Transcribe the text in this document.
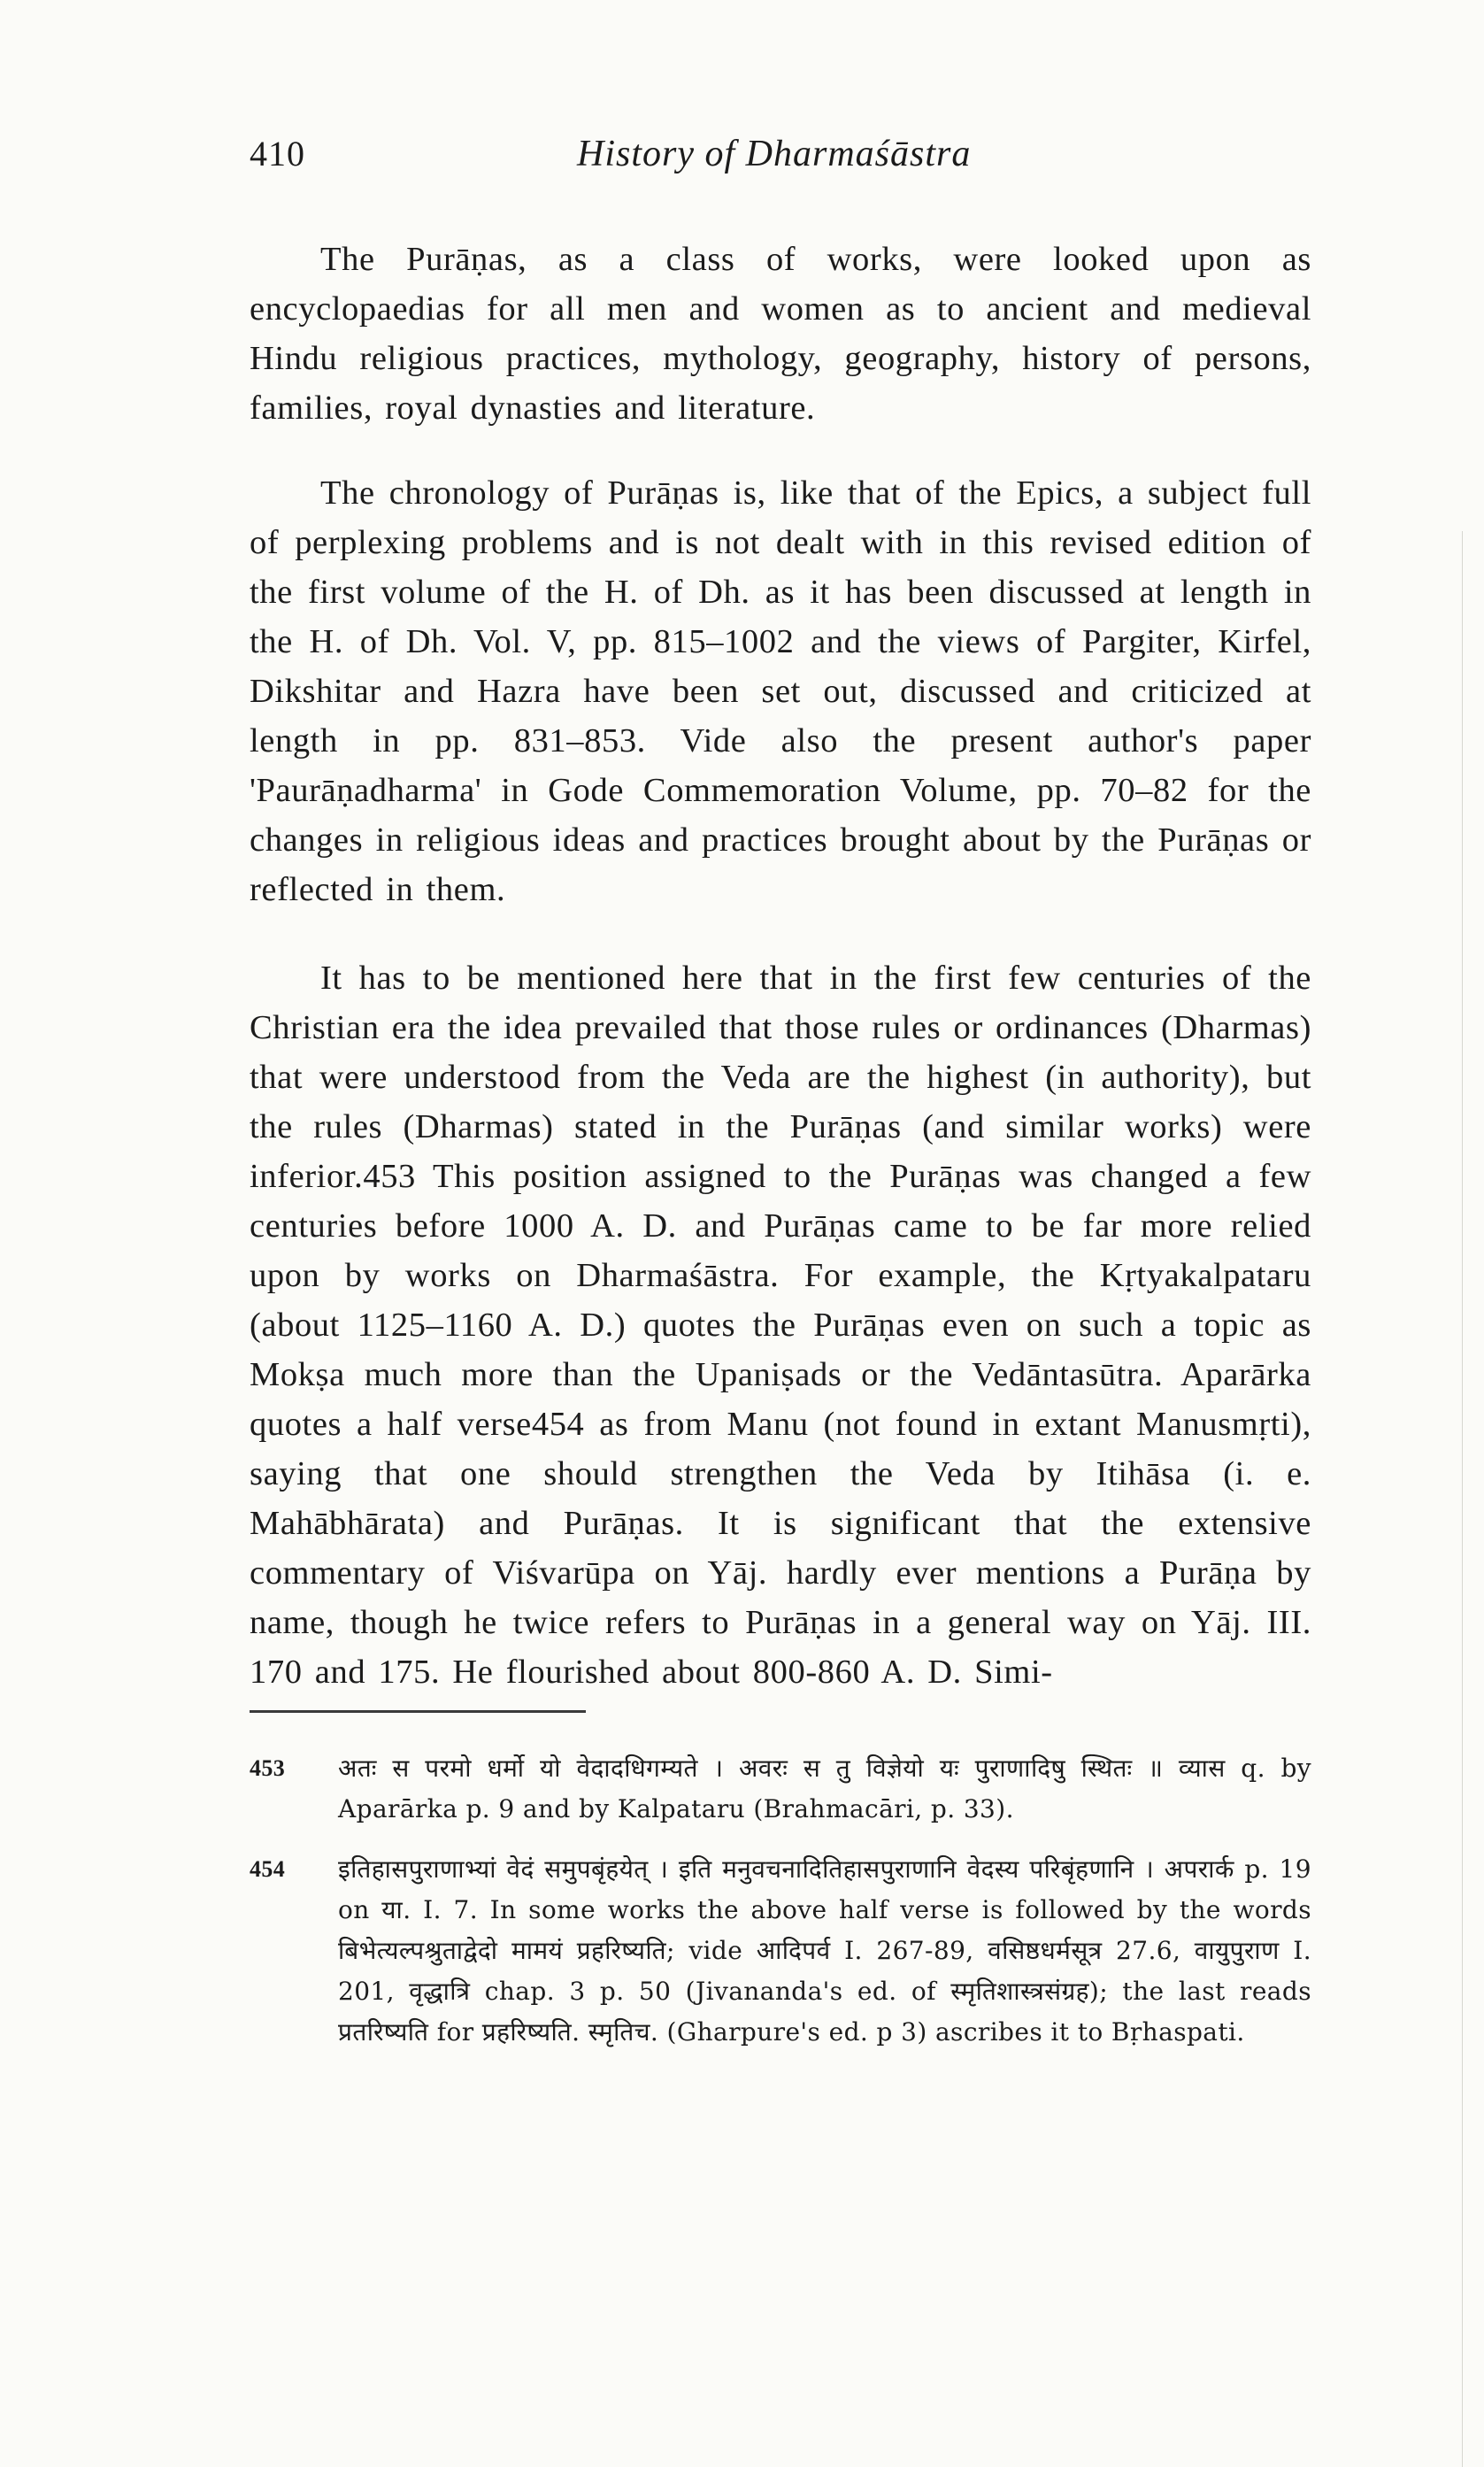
410	History of Dharmaśāstra

The Purāṇas, as a class of works, were looked upon as encyclopaedias for all men and women as to ancient and medieval Hindu religious practices, mythology, geography, history of persons, families, royal dynasties and literature.

The chronology of Purāṇas is, like that of the Epics, a subject full of perplexing problems and is not dealt with in this revised edition of the first volume of the H. of Dh. as it has been discussed at length in the H. of Dh. Vol. V, pp. 815–1002 and the views of Pargiter, Kirfel, Dikshitar and Hazra have been set out, discussed and criticized at length in pp. 831–853. Vide also the present author's paper 'Paurāṇadharma' in Gode Commemoration Volume, pp. 70–82 for the changes in religious ideas and practices brought about by the Purāṇas or reflected in them.

It has to be mentioned here that in the first few centuries of the Christian era the idea prevailed that those rules or ordinances (Dharmas) that were understood from the Veda are the highest (in authority), but the rules (Dharmas) stated in the Purāṇas (and similar works) were inferior.453 This position assigned to the Purāṇas was changed a few centuries before 1000 A. D. and Purāṇas came to be far more relied upon by works on Dharmaśāstra. For example, the Kṛtyakalpataru (about 1125–1160 A. D.) quotes the Purāṇas even on such a topic as Mokṣa much more than the Upaniṣads or the Vedāntasūtra. Aparārka quotes a half verse454 as from Manu (not found in extant Manusmṛti), saying that one should strengthen the Veda by Itihāsa (i. e. Mahābhārata) and Purāṇas. It is significant that the extensive commentary of Viśvarūpa on Yāj. hardly ever mentions a Purāṇa by name, though he twice refers to Purāṇas in a general way on Yāj. III. 170 and 175. He flourished about 800-860 A. D. Simi-

453 अतः स परमो धर्मो यो वेदादधिगम्यते । अवरः स तु विज्ञेयो यः पुराणादिषु स्थितः ॥ व्यास q. by Aparārka p. 9 and by Kalpataru (Brahmacāri, p. 33).
454 इतिहासपुराणाभ्यां वेदं समुपबृंहयेत् । इति मनुवचनादितिहासपुराणानि वेदस्य परिबृंहणानि । अपरार्क p. 19 on या. I. 7. In some works the above half verse is followed by the words बिभेत्यल्पश्रुताद्वेदो मामयं प्रहरिष्यति; vide आदिपर्व I. 267-89, वसिष्ठधर्मसूत्र 27.6, वायुपुराण I. 201, वृद्धात्रि chap. 3 p. 50 (Jivananda's ed. of स्मृतिशास्त्रसंग्रह); the last reads प्रतरिष्यति for प्रहरिष्यति. स्मृतिच. (Gharpure's ed. p 3) ascribes it to Bṛhaspati.
